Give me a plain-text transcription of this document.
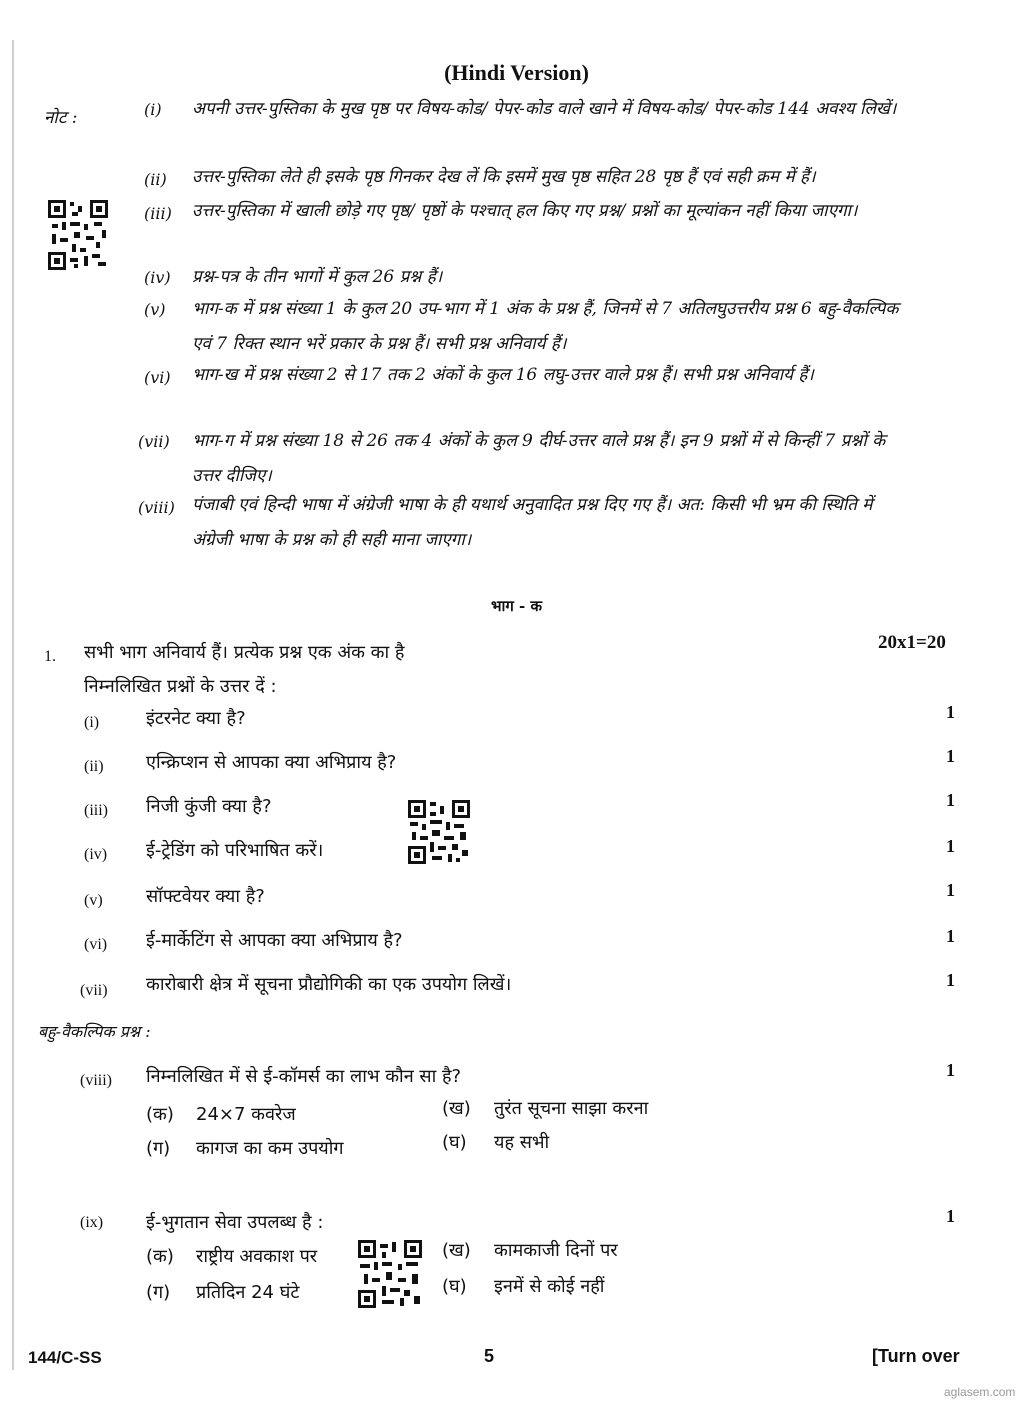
(Hindi Version)
नोट :	(i) अपनी उत्तर-पुस्तिका के मुख पृष्ठ पर विषय-कोड/ पेपर-कोड वाले खाने में विषय-कोड/ पेपर-कोड 144 अवश्य लिखें।
(ii) उत्तर-पुस्तिका लेते ही इसके पृष्ठ गिनकर देख लें कि इसमें मुख पृष्ठ सहित 28 पृष्ठ हैं एवं सही क्रम में हैं।
(iii) उत्तर-पुस्तिका में खाली छोड़े गए पृष्ठ/ पृष्ठों के पश्चात् हल किए गए प्रश्न/ प्रश्नों का मूल्यांकन नहीं किया जाएगा।
(iv) प्रश्न-पत्र के तीन भागों में कुल 26 प्रश्न हैं।
(v) भाग-क में प्रश्न संख्या 1 के कुल 20 उप-भाग में 1 अंक के प्रश्न हैं, जिनमें से 7 अतिलघुउत्तरीय प्रश्न 6 बहु-वैकल्पिक एवं 7 रिक्त स्थान भरें प्रकार के प्रश्न हैं। सभी प्रश्न अनिवार्य हैं।
(vi) भाग-ख में प्रश्न संख्या 2 से 17 तक 2 अंकों के कुल 16 लघु-उत्तर वाले प्रश्न हैं। सभी प्रश्न अनिवार्य हैं।
(vii) भाग-ग में प्रश्न संख्या 18 से 26 तक 4 अंकों के कुल 9 दीर्घ-उत्तर वाले प्रश्न हैं। इन 9 प्रश्नों में से किन्हीं 7 प्रश्नों के उत्तर दीजिए।
(viii) पंजाबी एवं हिन्दी भाषा में अंग्रेजी भाषा के ही यथार्थ अनुवादित प्रश्न दिए गए हैं। अत: किसी भी भ्रम की स्थिति में अंग्रेजी भाषा के प्रश्न को ही सही माना जाएगा।
भाग - क
1. सभी भाग अनिवार्य हैं। प्रत्येक प्रश्न एक अंक का है	20x1=20
निम्नलिखित प्रश्नों के उत्तर दें :
(i)	इंटरनेट क्या है?	1
(ii) एन्क्रिप्शन से आपका क्या अभिप्राय है?	1
(iii) निजी कुंजी क्या है?	1
(iv) ई-ट्रेडिंग को परिभाषित करें।	1
(v) सॉफ्टवेयर क्या है?	1
(vi) ई-मार्केटिंग से आपका क्या अभिप्राय है?	1
(vii) कारोबारी क्षेत्र में सूचना प्रौद्योगिकी का एक उपयोग लिखें।	1
बहु-वैकल्पिक प्रश्न :
(viii) निम्नलिखित में से ई-कॉमर्स का लाभ कौन सा है?	1
(क) 24×7 कवरेज	(ख) तुरंत सूचना साझा करना
(ग) कागज का कम उपयोग	(घ) यह सभी
(ix) ई-भुगतान सेवा उपलब्ध है :	1
(क) राष्ट्रीय अवकाश पर	(ख) कामकाजी दिनों पर
(ग) प्रतिदिन 24 घंटे	(घ) इनमें से कोई नहीं
144/C-SS	5	[Turn over
aglasem.com
